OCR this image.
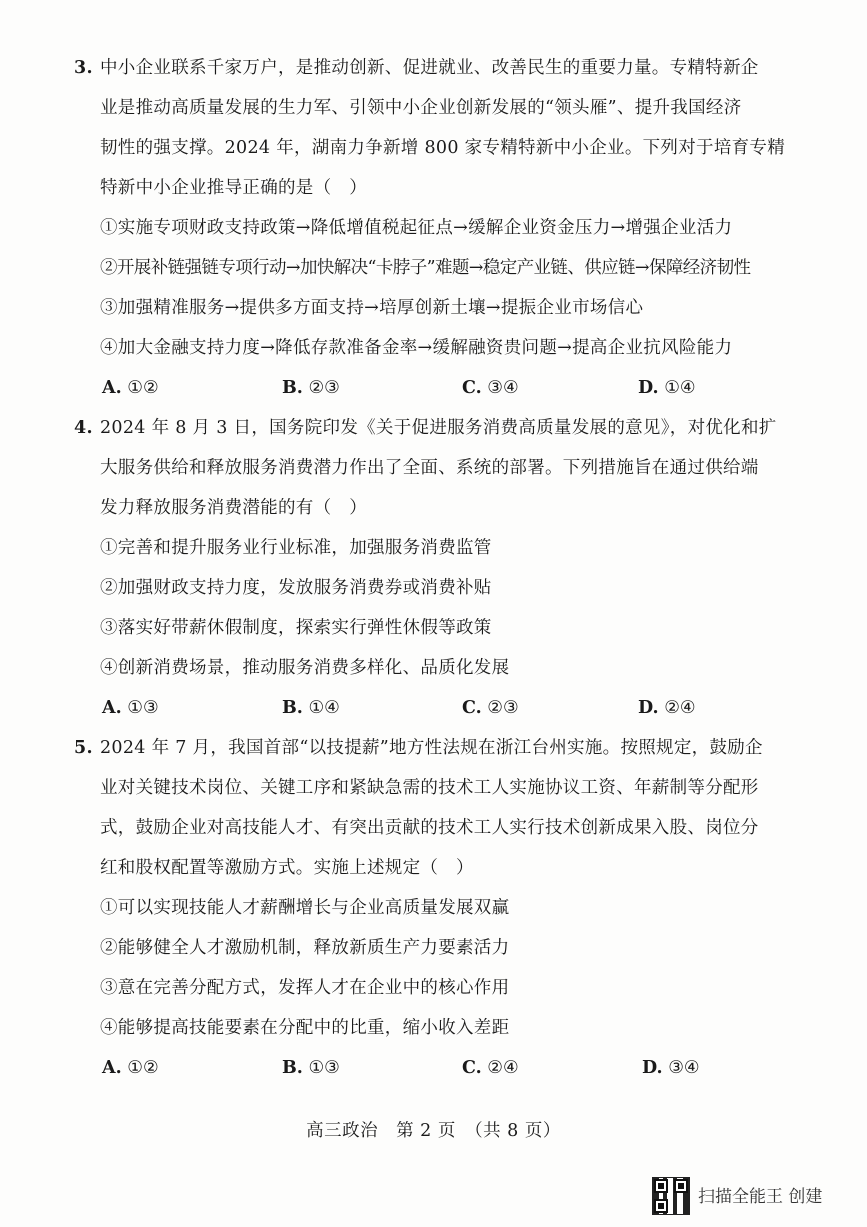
3. 中小企业联系千家万户，是推动创新、促进就业、改善民生的重要力量。专精特新企
业是推动高质量发展的生力军、引领中小企业创新发展的“领头雁”、提升我国经济
韧性的强支撑。2024 年，湖南力争新增 800 家专精特新中小企业。下列对于培育专精
特新中小企业推导正确的是（　）
①实施专项财政支持政策→降低增值税起征点→缓解企业资金压力→增强企业活力
②开展补链强链专项行动→加快解决“卡脖子”难题→稳定产业链、供应链→保障经济韧性
③加强精准服务→提供多方面支持→培厚创新土壤→提振企业市场信心
④加大金融支持力度→降低存款准备金率→缓解融资贵问题→提高企业抗风险能力
A. ①②	B. ②③	C. ③④	D. ①④
4. 2024 年 8 月 3 日，国务院印发《关于促进服务消费高质量发展的意见》，对优化和扩
大服务供给和释放服务消费潜力作出了全面、系统的部署。下列措施旨在通过供给端
发力释放服务消费潜能的有（　）
①完善和提升服务业行业标准，加强服务消费监管
②加强财政支持力度，发放服务消费券或消费补贴
③落实好带薪休假制度，探索实行弹性休假等政策
④创新消费场景，推动服务消费多样化、品质化发展
A. ①③	B. ①④	C. ②③	D. ②④
5. 2024 年 7 月，我国首部“以技提薪”地方性法规在浙江台州实施。按照规定，鼓励企
业对关键技术岗位、关键工序和紧缺急需的技术工人实施协议工资、年薪制等分配形
式，鼓励企业对高技能人才、有突出贡献的技术工人实行技术创新成果入股、岗位分
红和股权配置等激励方式。实施上述规定（　）
①可以实现技能人才薪酬增长与企业高质量发展双赢
②能够健全人才激励机制，释放新质生产力要素活力
③意在完善分配方式，发挥人才在企业中的核心作用
④能够提高技能要素在分配中的比重，缩小收入差距
A. ①②	B. ①③	C. ②④	D. ③④
高三政治　第 2 页　（共 8 页）
扫描全能王 创建
